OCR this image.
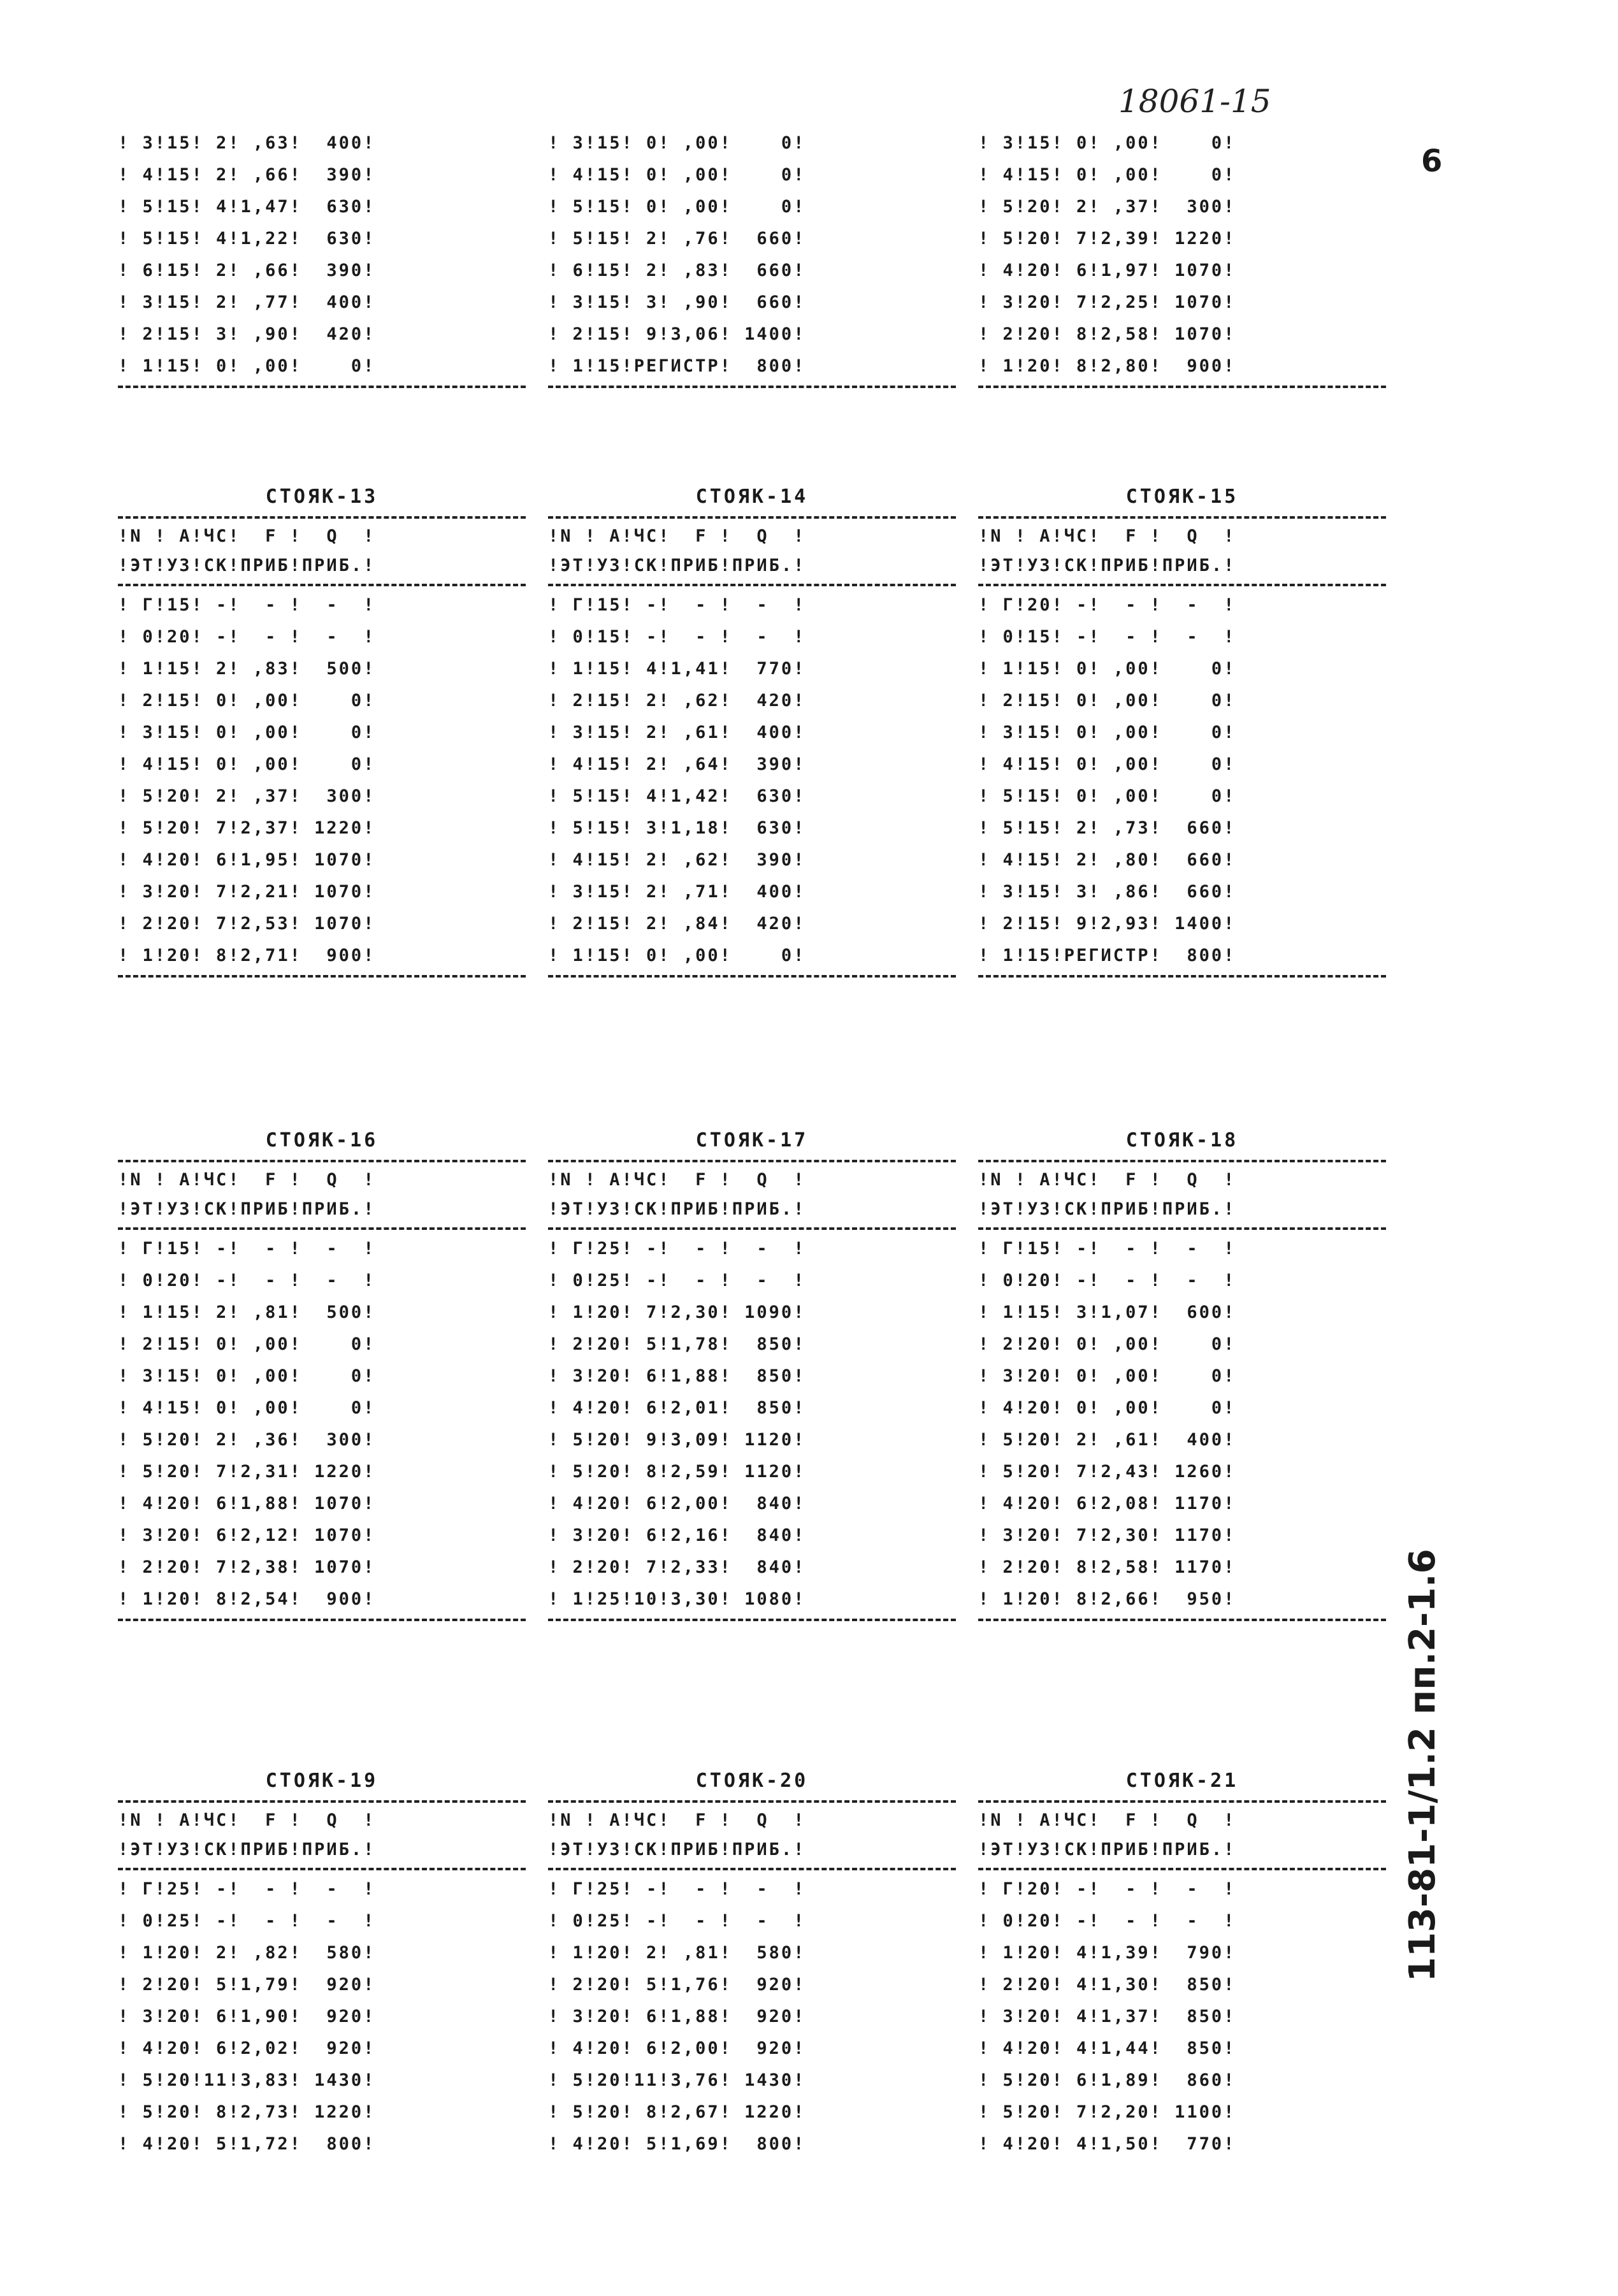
18061-15
6
113-81-1/1.2 пп.2-1.6
! 3!15! 2! ,63!  400!
! 4!15! 2! ,66!  390!
! 5!15! 4!1,47!  630!
! 5!15! 4!1,22!  630!
! 6!15! 2! ,66!  390!
! 3!15! 2! ,77!  400!
! 2!15! 3! ,90!  420!
! 1!15! 0! ,00!    0!
! 3!15! 0! ,00!    0!
! 4!15! 0! ,00!    0!
! 5!15! 0! ,00!    0!
! 5!15! 2! ,76!  660!
! 6!15! 2! ,83!  660!
! 3!15! 3! ,90!  660!
! 2!15! 9!3,06! 1400!
! 1!15!РЕГИСТР!  800!
! 3!15! 0! ,00!    0!
! 4!15! 0! ,00!    0!
! 5!20! 2! ,37!  300!
! 5!20! 7!2,39! 1220!
! 4!20! 6!1,97! 1070!
! 3!20! 7!2,25! 1070!
! 2!20! 8!2,58! 1070!
! 1!20! 8!2,80!  900!
СТОЯК-13
!N ! A!ЧС!  F !  Q  !
!ЭТ!УЗ!СК!ПРИБ!ПРИБ.!
! Г!15! -!  - !  -  !
! 0!20! -!  - !  -  !
! 1!15! 2! ,83!  500!
! 2!15! 0! ,00!    0!
! 3!15! 0! ,00!    0!
! 4!15! 0! ,00!    0!
! 5!20! 2! ,37!  300!
! 5!20! 7!2,37! 1220!
! 4!20! 6!1,95! 1070!
! 3!20! 7!2,21! 1070!
! 2!20! 7!2,53! 1070!
! 1!20! 8!2,71!  900!
СТОЯК-14
!N ! A!ЧС!  F !  Q  !
!ЭТ!УЗ!СК!ПРИБ!ПРИБ.!
! Г!15! -!  - !  -  !
! 0!15! -!  - !  -  !
! 1!15! 4!1,41!  770!
! 2!15! 2! ,62!  420!
! 3!15! 2! ,61!  400!
! 4!15! 2! ,64!  390!
! 5!15! 4!1,42!  630!
! 5!15! 3!1,18!  630!
! 4!15! 2! ,62!  390!
! 3!15! 2! ,71!  400!
! 2!15! 2! ,84!  420!
! 1!15! 0! ,00!    0!
СТОЯК-15
!N ! A!ЧС!  F !  Q  !
!ЭТ!УЗ!СК!ПРИБ!ПРИБ.!
! Г!20! -!  - !  -  !
! 0!15! -!  - !  -  !
! 1!15! 0! ,00!    0!
! 2!15! 0! ,00!    0!
! 3!15! 0! ,00!    0!
! 4!15! 0! ,00!    0!
! 5!15! 0! ,00!    0!
! 5!15! 2! ,73!  660!
! 4!15! 2! ,80!  660!
! 3!15! 3! ,86!  660!
! 2!15! 9!2,93! 1400!
! 1!15!РЕГИСТР!  800!
СТОЯК-16
!N ! A!ЧС!  F !  Q  !
!ЭТ!УЗ!СК!ПРИБ!ПРИБ.!
! Г!15! -!  - !  -  !
! 0!20! -!  - !  -  !
! 1!15! 2! ,81!  500!
! 2!15! 0! ,00!    0!
! 3!15! 0! ,00!    0!
! 4!15! 0! ,00!    0!
! 5!20! 2! ,36!  300!
! 5!20! 7!2,31! 1220!
! 4!20! 6!1,88! 1070!
! 3!20! 6!2,12! 1070!
! 2!20! 7!2,38! 1070!
! 1!20! 8!2,54!  900!
СТОЯК-17
!N ! A!ЧС!  F !  Q  !
!ЭТ!УЗ!СК!ПРИБ!ПРИБ.!
! Г!25! -!  - !  -  !
! 0!25! -!  - !  -  !
! 1!20! 7!2,30! 1090!
! 2!20! 5!1,78!  850!
! 3!20! 6!1,88!  850!
! 4!20! 6!2,01!  850!
! 5!20! 9!3,09! 1120!
! 5!20! 8!2,59! 1120!
! 4!20! 6!2,00!  840!
! 3!20! 6!2,16!  840!
! 2!20! 7!2,33!  840!
! 1!25!10!3,30! 1080!
СТОЯК-18
!N ! A!ЧС!  F !  Q  !
!ЭТ!УЗ!СК!ПРИБ!ПРИБ.!
! Г!15! -!  - !  -  !
! 0!20! -!  - !  -  !
! 1!15! 3!1,07!  600!
! 2!20! 0! ,00!    0!
! 3!20! 0! ,00!    0!
! 4!20! 0! ,00!    0!
! 5!20! 2! ,61!  400!
! 5!20! 7!2,43! 1260!
! 4!20! 6!2,08! 1170!
! 3!20! 7!2,30! 1170!
! 2!20! 8!2,58! 1170!
! 1!20! 8!2,66!  950!
СТОЯК-19
!N ! A!ЧС!  F !  Q  !
!ЭТ!УЗ!СК!ПРИБ!ПРИБ.!
! Г!25! -!  - !  -  !
! 0!25! -!  - !  -  !
! 1!20! 2! ,82!  580!
! 2!20! 5!1,79!  920!
! 3!20! 6!1,90!  920!
! 4!20! 6!2,02!  920!
! 5!20!11!3,83! 1430!
! 5!20! 8!2,73! 1220!
! 4!20! 5!1,72!  800!
СТОЯК-20
!N ! A!ЧС!  F !  Q  !
!ЭТ!УЗ!СК!ПРИБ!ПРИБ.!
! Г!25! -!  - !  -  !
! 0!25! -!  - !  -  !
! 1!20! 2! ,81!  580!
! 2!20! 5!1,76!  920!
! 3!20! 6!1,88!  920!
! 4!20! 6!2,00!  920!
! 5!20!11!3,76! 1430!
! 5!20! 8!2,67! 1220!
! 4!20! 5!1,69!  800!
СТОЯК-21
!N ! A!ЧС!  F !  Q  !
!ЭТ!УЗ!СК!ПРИБ!ПРИБ.!
! Г!20! -!  - !  -  !
! 0!20! -!  - !  -  !
! 1!20! 4!1,39!  790!
! 2!20! 4!1,30!  850!
! 3!20! 4!1,37!  850!
! 4!20! 4!1,44!  850!
! 5!20! 6!1,89!  860!
! 5!20! 7!2,20! 1100!
! 4!20! 4!1,50!  770!
